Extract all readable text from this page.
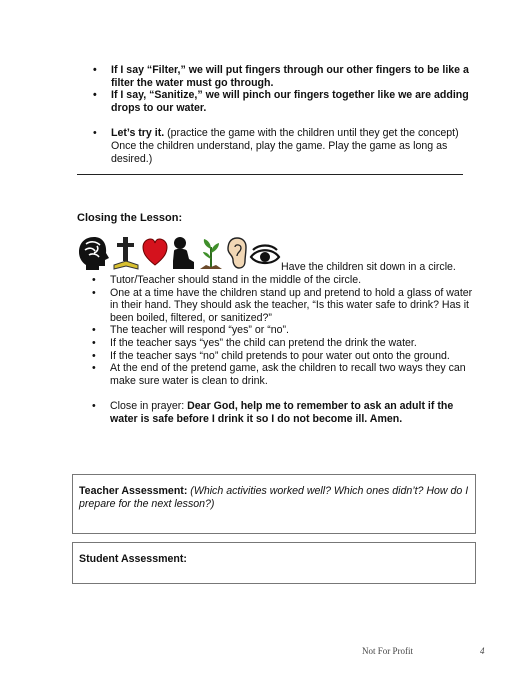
• If I say “Filter,” we will put fingers through our other fingers to be like a filter the water must go through.
• If I say, “Sanitize,” we will pinch our fingers together like we are adding drops to our water.
• Let’s try it. (practice the game with the children until they get the concept) Once the children understand, play the game. Play the game as long as desired.)
Closing the Lesson:
Have the children sit down in a circle.
• Tutor/Teacher should stand in the middle of the circle.
• One at a time have the children stand up and pretend to hold a glass of water in their hand. They should ask the teacher, “Is this water safe to drink? Has it been boiled, filtered, or sanitized?”
• The teacher will respond “yes” or “no”.
• If the teacher says “yes” the child can pretend the drink the water.
• If the teacher says “no” child pretends to pour water out onto the ground.
• At the end of the pretend game, ask the children to recall two ways they can make sure water is clean to drink.
• Close in prayer: Dear God, help me to remember to ask an adult if the water is safe before I drink it so I do not become ill. Amen.
Teacher Assessment: (Which activities worked well? Which ones didn’t? How do I prepare for the next lesson?)
Student Assessment:
Not For Profit	4
